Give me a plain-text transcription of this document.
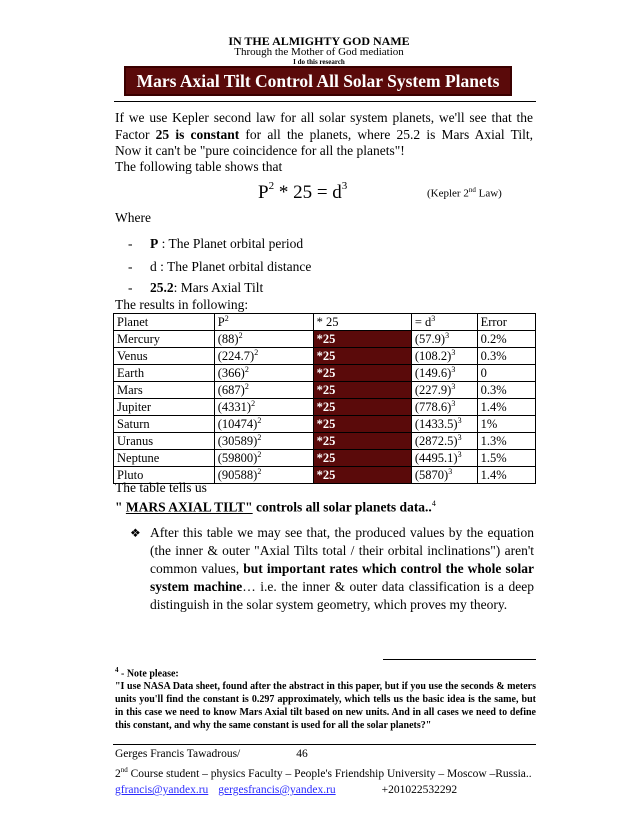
IN THE ALMIGHTY GOD NAME
Through the Mother of God mediation
I do this research
Mars Axial Tilt Control All Solar System Planets
If we use Kepler second law for all solar system planets, we'll see that the
Factor 25 is constant for all the planets, where 25.2 is Mars Axial Tilt,
Now it can't be "pure coincidence for all the planets"!
The following table shows that
$P^2 * 25 = d^3$
(Kepler 2nd Law)
Where
- P : The Planet orbital period
- d : The Planet orbital distance
- 25.2: Mars Axial Tilt
The results in following:
Planet	$P^2$	* 25	= $d^3$	Error
Mercury	$(88)^2$	*25	$(57.9)^3$	0.2%
Venus	$(224.7)^2$	*25	$(108.2)^3$	0.3%
Earth	$(366)^2$	*25	$(149.6)^3$	0
Mars	$(687)^2$	*25	$(227.9)^3$	0.3%
Jupiter	$(4331)^2$	*25	$(778.6)^3$	1.4%
Saturn	$(10474)^2$	*25	$(1433.5)^3$	1%
Uranus	$(30589)^2$	*25	$(2872.5)^3$	1.3%
Neptune	$(59800)^2$	*25	$(4495.1)^3$	1.5%
Pluto	$(90588)^2$	*25	$(5870)^3$	1.4%
The table tells us
" MARS AXIAL TILT" controls all solar planets data..$^4$
❖ After this table we may see that, the produced values by the equation (the inner & outer "Axial Tilts total / their orbital inclinations") aren't common values, but important rates which control the whole solar system machine… i.e. the inner & outer data classification is a deep distinguish in the solar system geometry, which proves my theory.
$^4$ - Note please:
"I use NASA Data sheet, found after the abstract in this paper, but if you use the seconds & meters units you'll find the constant is 0.297 approximately, which tells us the basic idea is the same, but in this case we need to know Mars Axial tilt based on new units. And in all cases we need to define this constant, and why the same constant is used for all the solar planets?"
Gerges Francis Tawadrous/	46
2nd Course student – physics Faculty – People's Friendship University – Moscow –Russia..
gfrancis@yandex.ru gergesfrancis@yandex.ru	+201022532292
